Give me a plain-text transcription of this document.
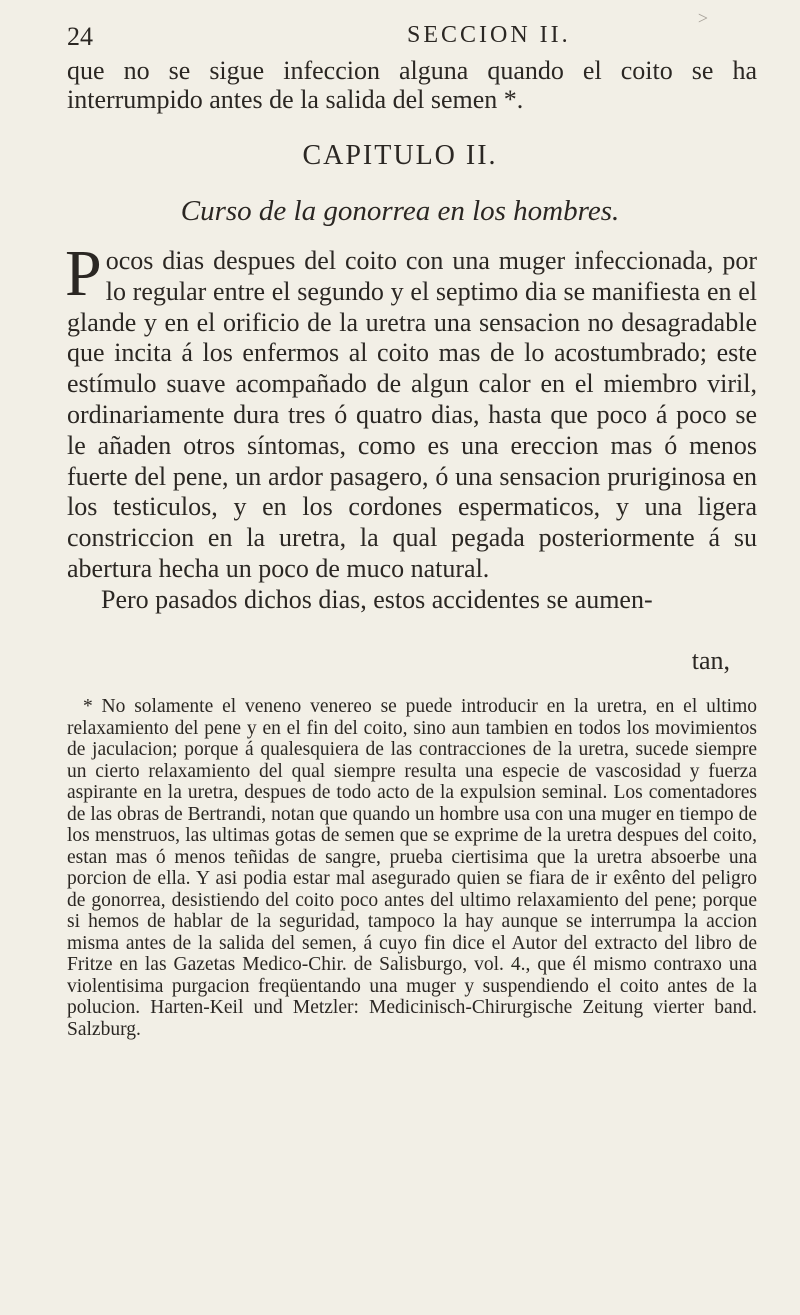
24	SECCION II.
>
que no se sigue infeccion alguna quando el coito se ha interrumpido antes de la salida del semen *.
CAPITULO II.
Curso de la gonorrea en los hombres.

Pocos dias despues del coito con una muger infeccionada, por lo regular entre el segundo y el septimo dia se manifiesta en el glande y en el orificio de la uretra una sensacion no desagradable que incita á los enfermos al coito mas de lo acostumbrado; este estímulo suave acompañado de algun calor en el miembro viril, ordinariamente dura tres ó quatro dias, hasta que poco á poco se le añaden otros síntomas, como es una ereccion mas ó menos fuerte del pene, un ardor pasagero, ó una sensacion pruriginosa en los testiculos, y en los cordones espermaticos, y una ligera constriccion en la uretra, la qual pegada posteriormente á su abertura hecha un poco de muco natural.

Pero pasados dichos dias, estos accidentes se aumen-

tan,

* No solamente el veneno venereo se puede introducir en la uretra, en el ultimo relaxamiento del pene y en el fin del coito, sino aun tambien en todos los movimientos de jaculacion; porque á qualesquiera de las contracciones de la uretra, sucede siempre un cierto relaxamiento del qual siempre resulta una especie de vascosidad y fuerza aspirante en la uretra, despues de todo acto de la expulsion seminal. Los comentadores de las obras de Bertrandi, notan que quando un hombre usa con una muger en tiempo de los menstruos, las ultimas gotas de semen que se exprime de la uretra despues del coito, estan mas ó menos teñidas de sangre, prueba ciertisima que la uretra absoerbe una porcion de ella. Y asi podia estar mal asegurado quien se fiara de ir exênto del peligro de gonorrea, desistiendo del coito poco antes del ultimo relaxamiento del pene; porque si hemos de hablar de la seguridad, tampoco la hay aunque se interrumpa la accion misma antes de la salida del semen, á cuyo fin dice el Autor del extracto del libro de Fritze en las Gazetas Medico-Chir. de Salisburgo, vol. 4., que él mismo contraxo una violentisima purgacion freqüentando una muger y suspendiendo el coito antes de la polucion. Harten-Keil und Metzler: Medicinisch-Chirurgische Zeitung vierter band. Salzburg.
